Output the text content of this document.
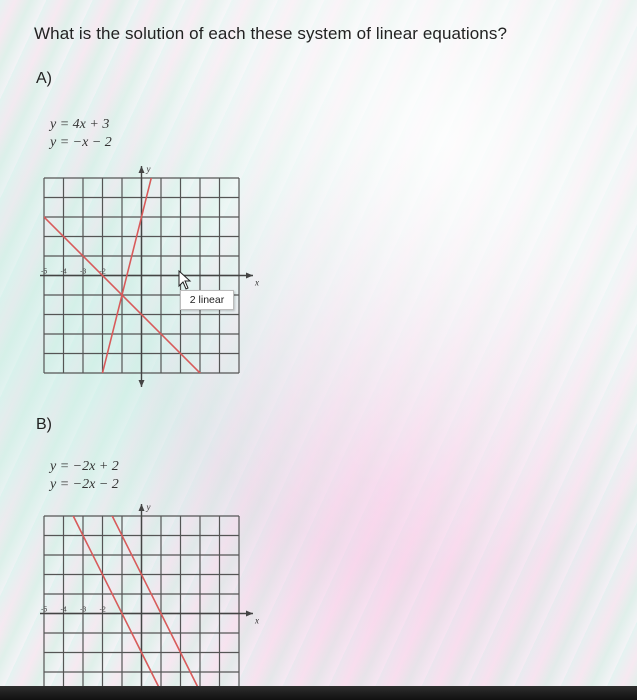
What is the solution of each these system of linear equations?
A)
y = 4x + 3
y = −x − 2
x
y
-5 -4 -3 -2
2 linear
B)
y = −2x + 2
y = −2x − 2
x
y
-5 -4 -3 -2
